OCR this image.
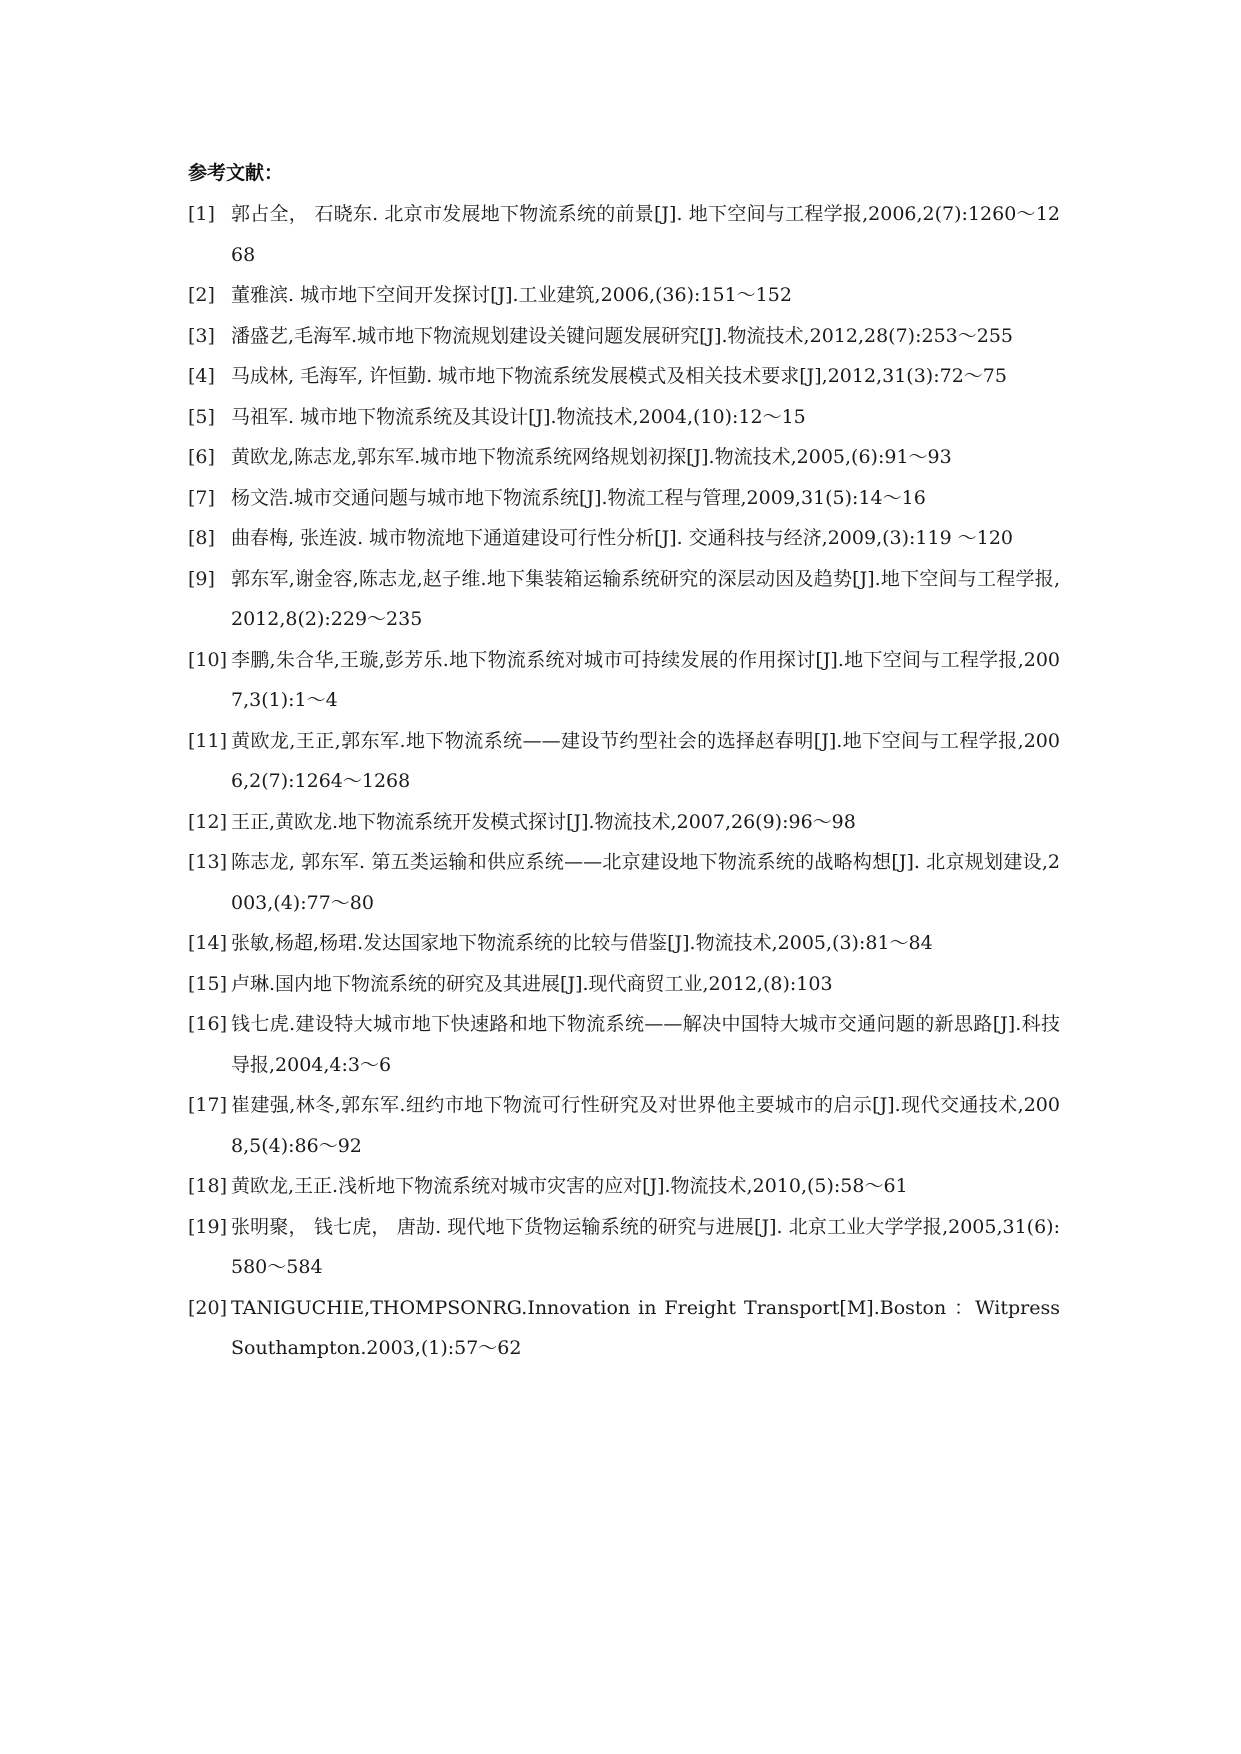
参考文献：
[1] 郭占全， 石晓东. 北京市发展地下物流系统的前景[J]. 地下空间与工程学报,2006,2(7):1260～1268
[2] 董雅滨. 城市地下空间开发探讨[J].工业建筑,2006,(36):151～152
[3] 潘盛艺,毛海军.城市地下物流规划建设关键问题发展研究[J].物流技术,2012,28(7):253～255
[4] 马成林, 毛海军, 许恒勤. 城市地下物流系统发展模式及相关技术要求[J],2012,31(3):72～75
[5] 马祖军. 城市地下物流系统及其设计[J].物流技术,2004,(10):12～15
[6] 黄欧龙,陈志龙,郭东军.城市地下物流系统网络规划初探[J].物流技术,2005,(6):91～93
[7] 杨文浩.城市交通问题与城市地下物流系统[J].物流工程与管理,2009,31(5):14～16
[8] 曲春梅, 张连波. 城市物流地下通道建设可行性分析[J]. 交通科技与经济,2009,(3):119 ～120
[9] 郭东军,谢金容,陈志龙,赵子维.地下集装箱运输系统研究的深层动因及趋势[J].地下空间与工程学报,2012,8(2):229～235
[10] 李鹏,朱合华,王璇,彭芳乐.地下物流系统对城市可持续发展的作用探讨[J].地下空间与工程学报,2007,3(1):1～4
[11] 黄欧龙,王正,郭东军.地下物流系统——建设节约型社会的选择赵春明[J].地下空间与工程学报,2006,2(7):1264～1268
[12] 王正,黄欧龙.地下物流系统开发模式探讨[J].物流技术,2007,26(9):96～98
[13] 陈志龙, 郭东军. 第五类运输和供应系统——北京建设地下物流系统的战略构想[J]. 北京规划建设,2003,(4):77～80
[14] 张敏,杨超,杨珺.发达国家地下物流系统的比较与借鉴[J].物流技术,2005,(3):81～84
[15] 卢琳.国内地下物流系统的研究及其进展[J].现代商贸工业,2012,(8):103
[16] 钱七虎.建设特大城市地下快速路和地下物流系统——解决中国特大城市交通问题的新思路[J].科技导报,2004,4:3～6
[17] 崔建强,林冬,郭东军.纽约市地下物流可行性研究及对世界他主要城市的启示[J].现代交通技术,2008,5(4):86～92
[18] 黄欧龙,王正.浅析地下物流系统对城市灾害的应对[J].物流技术,2010,(5):58～61
[19] 张明聚， 钱七虎， 唐劼. 现代地下货物运输系统的研究与进展[J]. 北京工业大学学报,2005,31(6):580～584
[20] TANIGUCHIE,THOMPSONRG.Innovation in Freight Transport[M].Boston ：Witpress Southampton.2003,(1):57～62
